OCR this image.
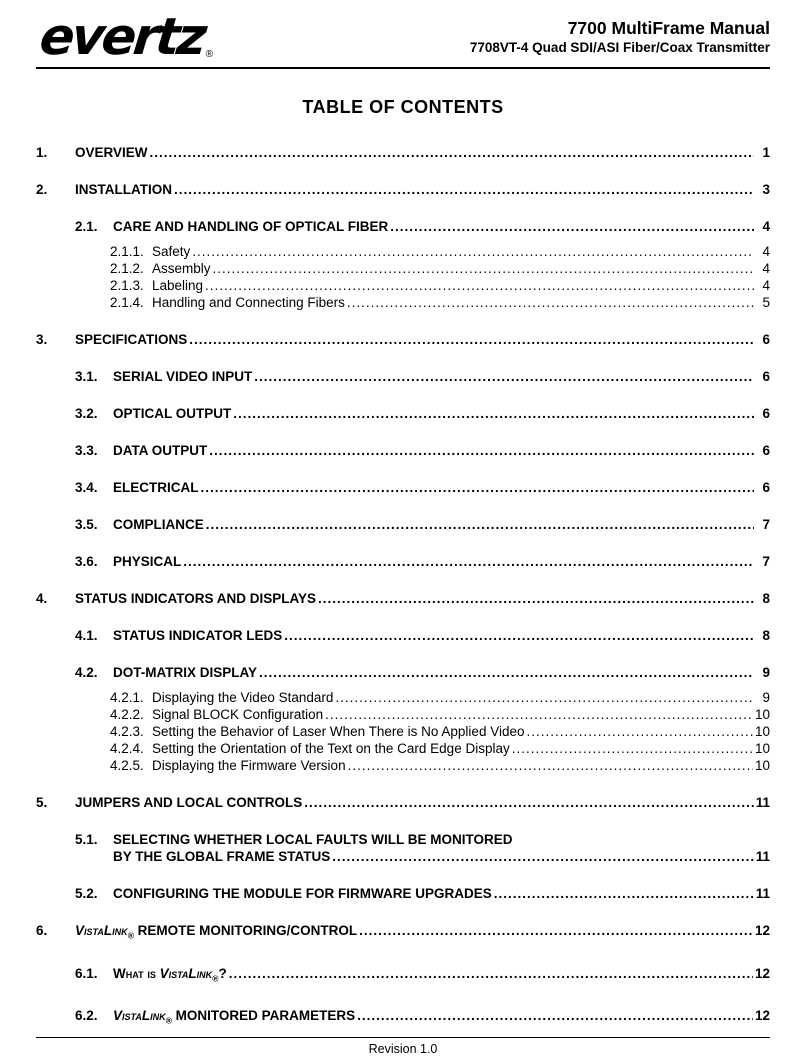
evertz®
7700 MultiFrame Manual
7708VT-4 Quad SDI/ASI Fiber/Coax Transmitter
TABLE OF CONTENTS
1.	OVERVIEW .....	1
2.	INSTALLATION .....	3
2.1.	CARE AND HANDLING OF OPTICAL FIBER .....	4
2.1.1. Safety .....	4
2.1.2. Assembly .....	4
2.1.3. Labeling .....	4
2.1.4. Handling and Connecting Fibers .....	5
3.	SPECIFICATIONS .....	6
3.1.	SERIAL VIDEO INPUT .....	6
3.2.	OPTICAL OUTPUT .....	6
3.3.	DATA OUTPUT .....	6
3.4.	ELECTRICAL .....	6
3.5.	COMPLIANCE .....	7
3.6.	PHYSICAL .....	7
4.	STATUS INDICATORS AND DISPLAYS .....	8
4.1.	STATUS INDICATOR LEDS .....	8
4.2.	DOT-MATRIX DISPLAY .....	9
4.2.1. Displaying the Video Standard .....	9
4.2.2. Signal BLOCK Configuration .....	10
4.2.3. Setting the Behavior of Laser When There is No Applied Video .....	10
4.2.4. Setting the Orientation of the Text on the Card Edge Display .....	10
4.2.5. Displaying the Firmware Version .....	10
5.	JUMPERS AND LOCAL CONTROLS .....	11
5.1.	SELECTING WHETHER LOCAL FAULTS WILL BE MONITORED
BY THE GLOBAL FRAME STATUS .....	11
5.2.	CONFIGURING THE MODULE FOR FIRMWARE UPGRADES .....	11
6.	VistaLink$_®$ REMOTE MONITORING/CONTROL .....	12
6.1.	What is VistaLink$_®$? .....	12
6.2.	VistaLink$_®$ MONITORED PARAMETERS .....	12
Revision 1.0
